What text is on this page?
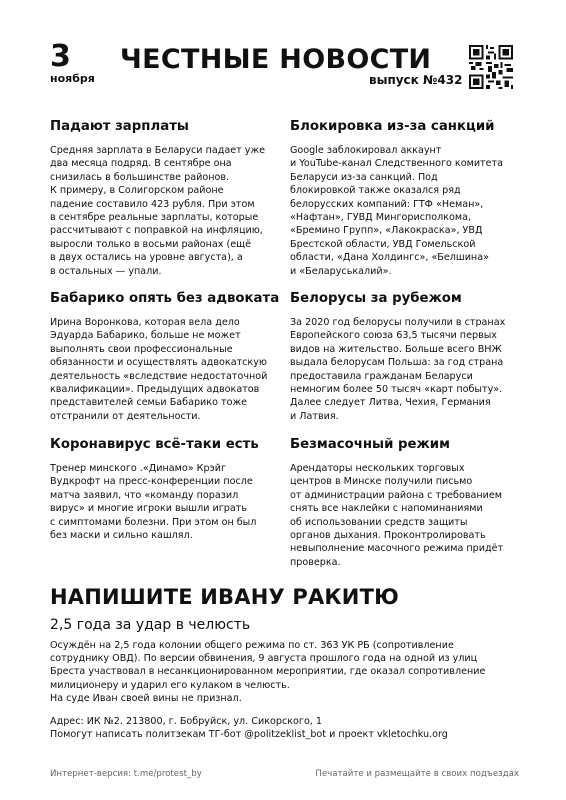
3
ноября
ЧЕСТНЫЕ НОВОСТИ
выпуск №432
Падают зарплаты

Средняя зарплата в Беларуси падает уже
два месяца подряд. В сентябре она
снизилась в большинстве районов.
К примеру, в Солигорском районе
падение составило 423 рубля. При этом
в сентябре реальные зарплаты, которые
рассчитывают с поправкой на инфляцию,
выросли только в восьми районах (ещё
в двух остались на уровне августа), а
в остальных — упали.

Бабарико опять без адвоката

Ирина Воронкова, которая вела дело
Эдуарда Бабарико, больше не может
выполнять свои профессиональные
обязанности и осуществлять адвокатскую
деятельность «вследствие недостаточной
квалификации». Предыдущих адвокатов
представителей семьи Бабарико тоже
отстранили от деятельности.

Коронавирус всё-таки есть

Тренер минского .«Динамо» Крэйг
Вудкрофт на пресс-конференции после
матча заявил, что «команду поразил
вирус» и многие игроки вышли играть
с симптомами болезни. При этом он был
без маски и сильно кашлял.

Блокировка из-за санкций

Google заблокировал аккаунт
и YouTube-канал Следственного комитета
Беларуси из-за санкций. Под
блокировкой также оказался ряд
белорусских компаний: ГТФ «Неман»,
«Нафтан», ГУВД Мингорисполкома,
«Бремино Групп», «Лакокраска», УВД
Брестской области, УВД Гомельской
области, «Дана Холдингс», «Белшина»
и «Беларуськалий».

Белорусы за рубежом

За 2020 год белорусы получили в странах
Европейского союза 63,5 тысячи первых
видов на жительство. Больше всего ВНЖ
выдала белорусам Польша: за год страна
предоставила гражданам Беларуси
немногим более 50 тысяч «карт побыту».
Далее следует Литва, Чехия, Германия
и Латвия.

Безмасочный режим

Арендаторы нескольких торговых
центров в Минске получили письмо
от администрации района с требованием
снять все наклейки с напоминаниями
об использовании средств защиты
органов дыхания. Проконтролировать
невыполнение масочного режима придёт
проверка.

НАПИШИТЕ ИВАНУ РАКИТЮ
2,5 года за удар в челюсть
Осуждён на 2,5 года колонии общего режима по ст. 363 УК РБ (сопротивление
сотруднику ОВД). По версии обвинения, 9 августа прошлого года на одной из улиц
Бреста участвовал в несанкционированном мероприятии, где оказал сопротивление
милиционеру и ударил его кулаком в челюсть.
На суде Иван своей вины не признал.
Адрес: ИК №2. 213800, г. Бобруйск, ул. Сикорского, 1
Помогут написать политзекам ТГ-бот @politzeklist_bot и проект vkletochku.org
Интернет-версия: t.me/protest_by	Печатайте и размещайте в своих подъездах
